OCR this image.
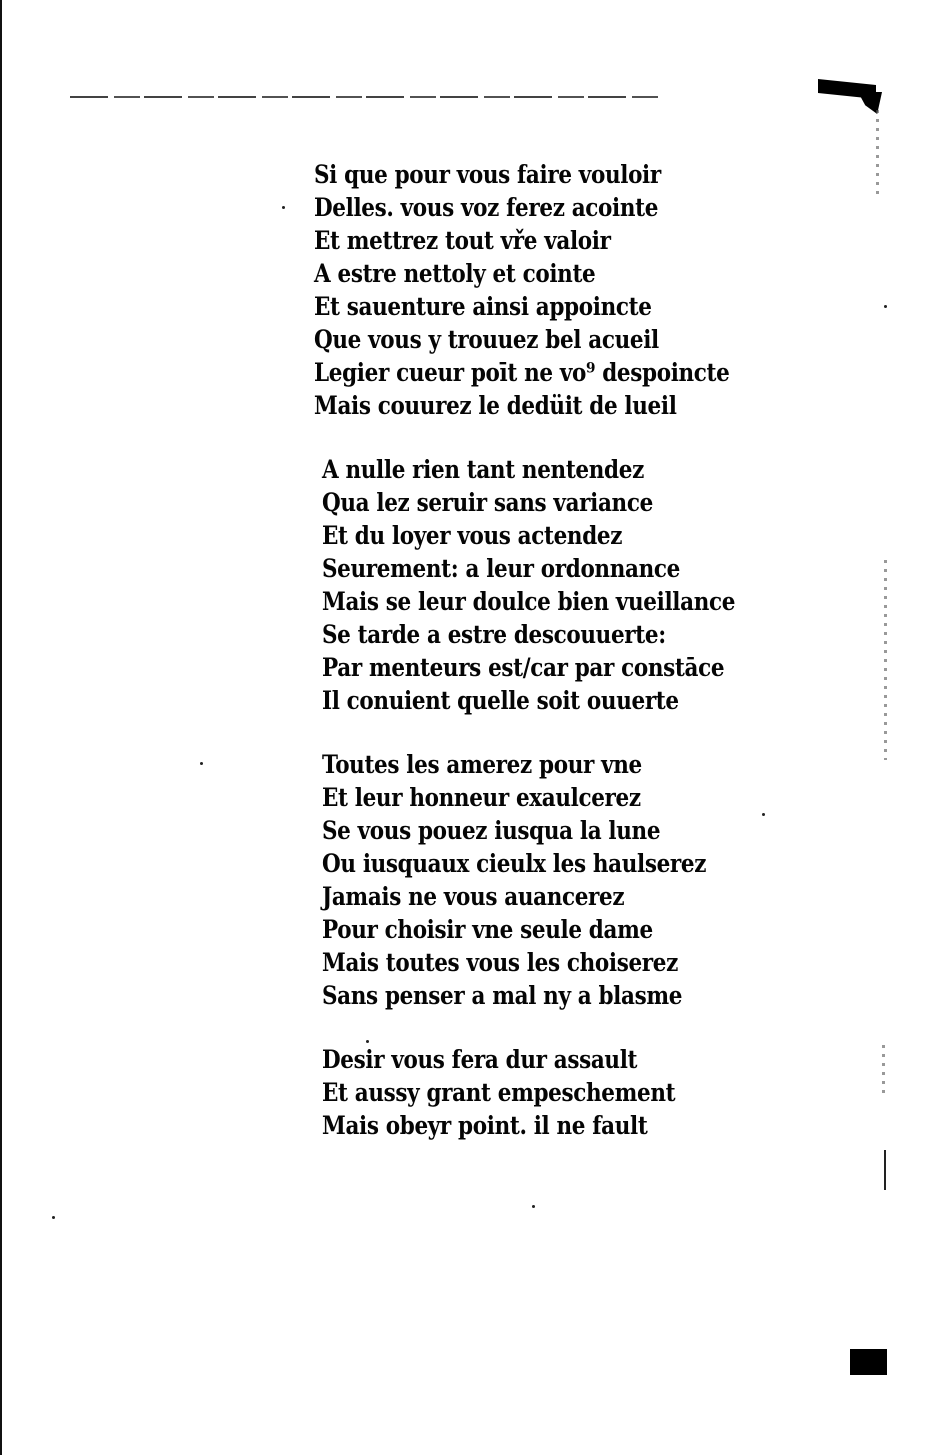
Si que pour vous faire vouloir
Delles. vous voz ferez acointe
Et mettrez tout vře valoir
A estre nettoly et cointe
Et sauenture ainsi appoincte
Que vous y trouuez bel acueil
Legier cueur poīt ne vo⁹ despoincte
Mais couurez le dedüit de lueil
A nulle rien tant nentendez
Qua lez seruir sans variance
Et du loyer vous actendez
Seurement: a leur ordonnance
Mais se leur doulce bien vueillance
Se tarde a estre descouuerte:
Par menteurs est/car par constāce
Il conuient quelle soit ouuerte
Toutes les amerez pour vne
Et leur honneur exaulcerez
Se vous pouez iusqua la lune
Ou iusquaux cieulx les haulserez
Jamais ne vous auancerez
Pour choisir vne seule dame
Mais toutes vous les choiserez
Sans penser a mal ny a blasme
Desir vous fera dur assault
Et aussy grant empeschement
Mais obeyr point. il ne fault
